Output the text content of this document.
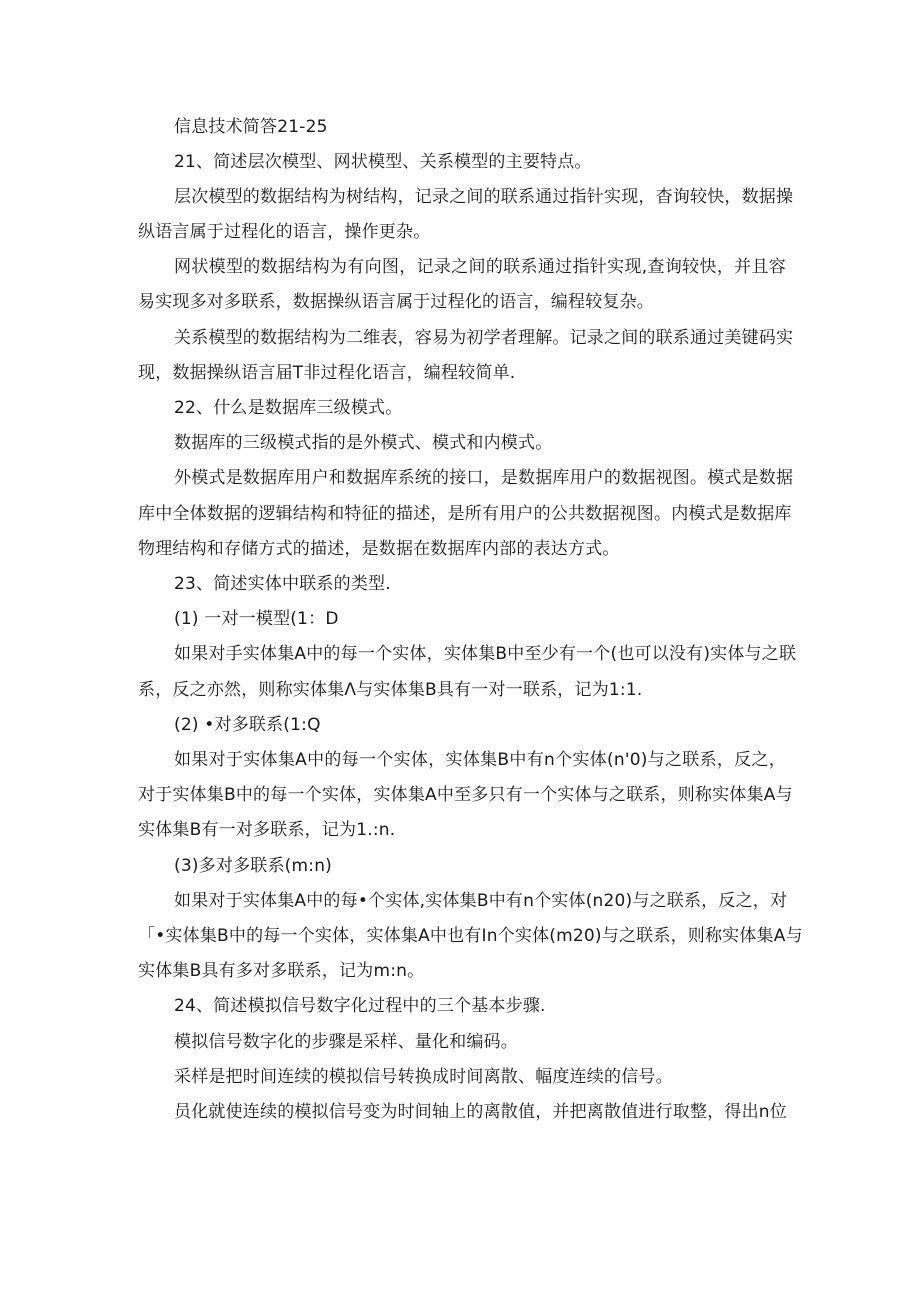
信息技术简答21-25
21、简述层次模型、网状模型、关系模型的主要特点。
层次模型的数据结构为树结构，记录之间的联系通过指针实现，杳询较快，数据操
纵语言属于过程化的语言，操作更杂。
网状模型的数据结构为有向图，记录之间的联系通过指针实现,查询较快，并且容
易实现多对多联系，数据操纵语言属于过程化的语言，编程较复杂。
关系模型的数据结构为二维表，容易为初学者理解。记录之间的联系通过美键码实
现，数据操纵语言届T非过程化语言，编程较简单.
22、什么是数据库三级模式。
数据库的三级模式指的是外模式、模式和内模式。
外模式是数据库用户和数据库系统的接口，是数据库用户的数据视图。模式是数据
库中全体数据的逻辑结构和特征的描述，是所有用户的公共数据视图。内模式是数据库
物理结构和存储方式的描述，是数据在数据库内部的表达方式。
23、简述实体中联系的类型.
(1) 一对一模型(1：D
如果对手实体集A中的每一个实体，实体集B中至少有一个(也可以没有)实体与之联
系，反之亦然，则称实体集Λ与实体集B具有一对一联系，记为1:1.
(2) •对多联系(1:Q
如果对于实体集A中的每一个实体，实体集B中有n个实体(n'0)与之联系，反之，
对于实体集B中的每一个实体，实体集A中至多只有一个实体与之联系，则称实体集A与
实体集B有一对多联系，记为1.:n.
(3)多对多联系(m:n)
如果对于实体集A中的每•个实体,实体集B中有n个实体(n20)与之联系，反之，对
「•实体集B中的每一个实体，实体集A中也有In个实体(m20)与之联系，则称实体集A与
实体集B具有多对多联系，记为m:n。
24、简述模拟信号数字化过程中的三个基本步骤.
模拟信号数字化的步骤是采样、量化和编码。
采样是把时间连续的模拟信号转换成时间离散、幅度连续的信号。
员化就使连续的模拟信号变为时间轴上的离散值，并把离散值进行取整，得出n位
